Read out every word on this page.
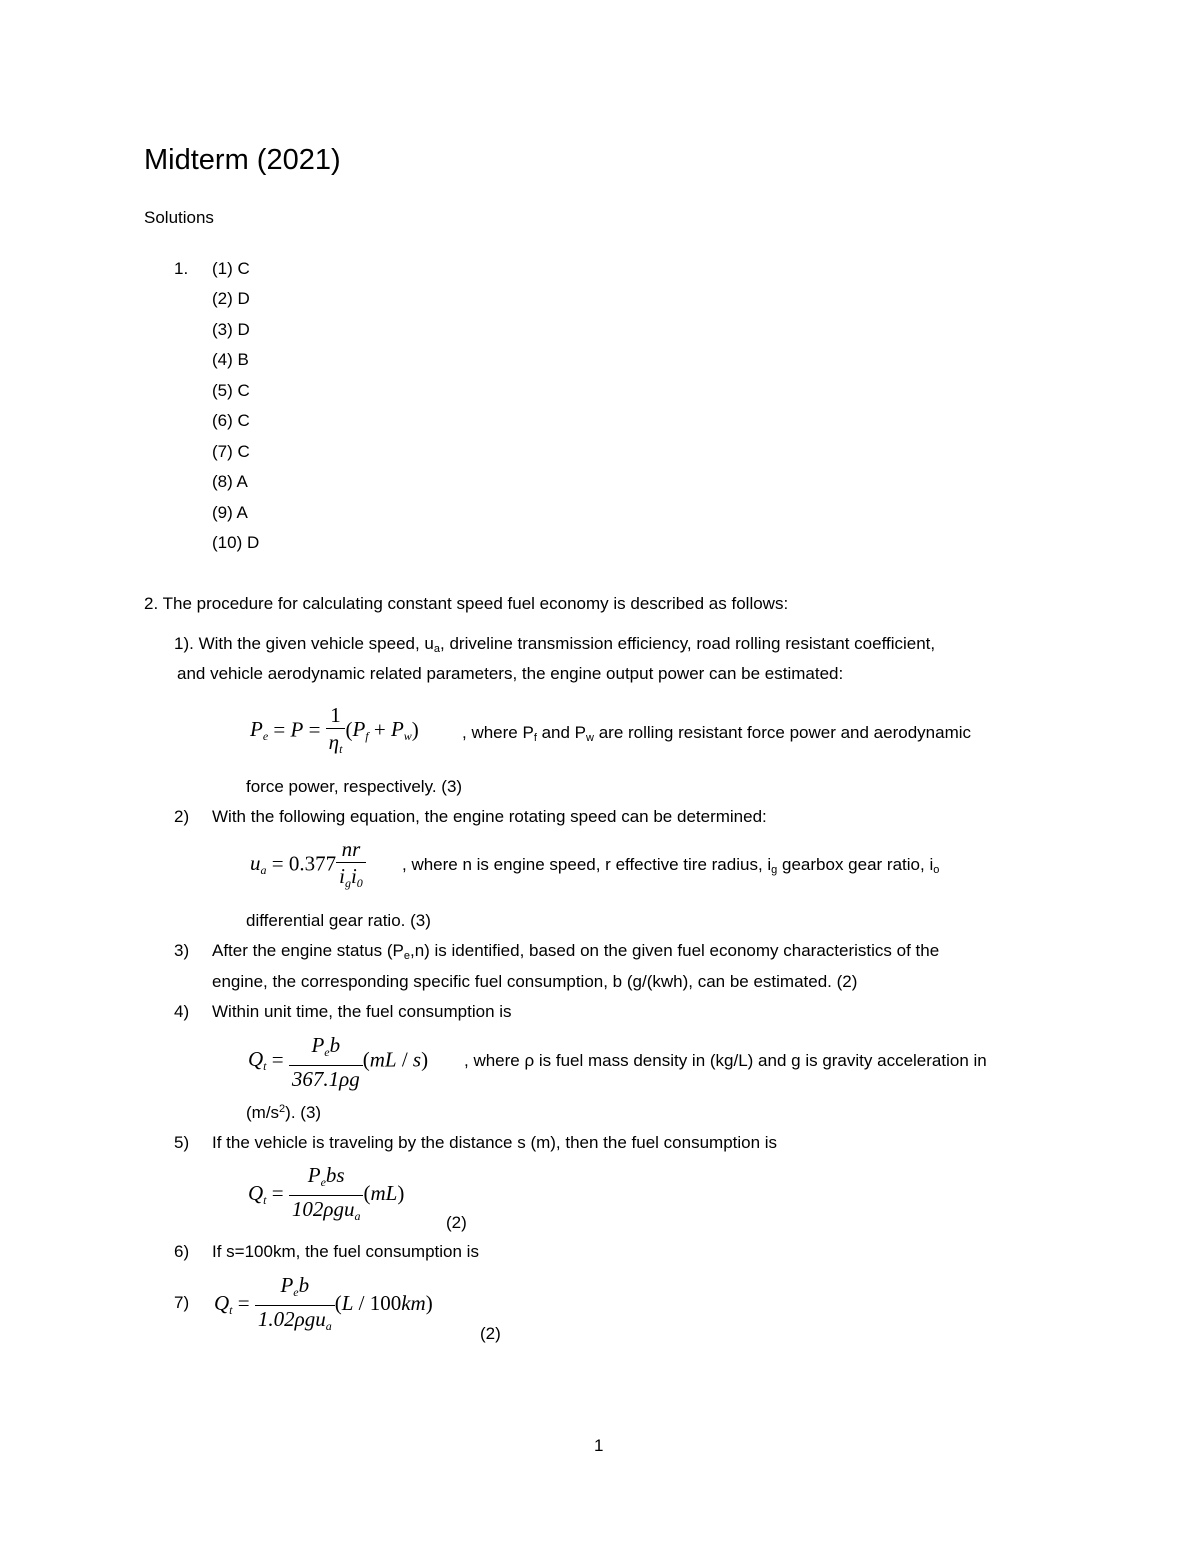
Midterm (2021)
Solutions
1. (1) C
(2) D
(3) D
(4) B
(5) C
(6) C
(7) C
(8) A
(9) A
(10) D
2. The procedure for calculating constant speed fuel economy is described as follows:
1). With the given vehicle speed, $u_a$, driveline transmission efficiency, road rolling resistant coefficient,
and vehicle aerodynamic related parameters, the engine output power can be estimated:
$P_e = P = \frac{1}{\eta_t} (P_f + P_w)$	, where $P_f$ and $P_w$ are rolling resistant force power and aerodynamic
force power, respectively. (3)
2) With the following equation, the engine rotating speed can be determined:
$u_a = 0.377 \frac{nr}{i_gi_0}$ , where n is engine speed, r effective tire radius, $i_g$ gearbox gear ratio, $i_o$
differential gear ratio. (3)
3) After the engine status $(P_e,n)$ is identified, based on the given fuel economy characteristics of the
engine, the corresponding specific fuel consumption, b (g/(kwh), can be estimated. (2)
4) Within unit time, the fuel consumption is
$Q_t = \frac{P_eb}{367.1\rho g} (mL / s)$ , where ρ is fuel mass density in (kg/L) and g is gravity acceleration in
$(m/s^2)$. (3)
5) If the vehicle is traveling by the distance s (m), then the fuel consumption is
$Q_t = \frac{P_ebs}{102\rho gu_a} (mL)$
(2)
6) If s=100km, the fuel consumption is
7) $Q_t = \frac{P_eb}{1.02\rho gu_a} (L / 100km)$
(2)
1
